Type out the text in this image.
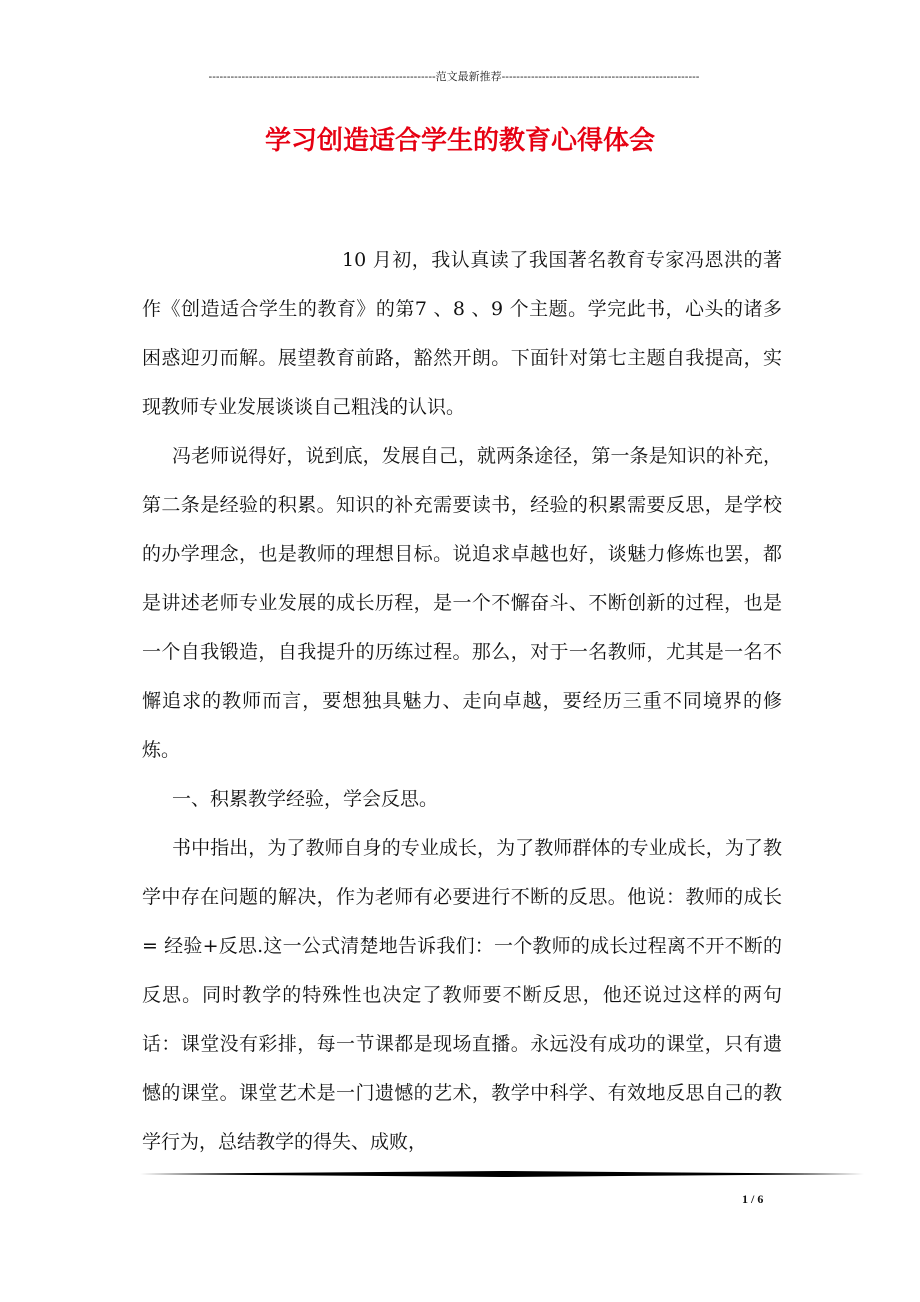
--------------------------------------------------------------范文最新推荐------------------------------------------------------
学习创造适合学生的教育心得体会

10 月初，我认真读了我国著名教育专家冯恩洪的著作《创造适合学生的教育》的第7 、8 、9 个主题。学完此书，心头的诸多困惑迎刃而解。展望教育前路，豁然开朗。下面针对第七主题自我提高，实现教师专业发展谈谈自己粗浅的认识。

冯老师说得好，说到底，发展自己，就两条途径，第一条是知识的补充，第二条是经验的积累。知识的补充需要读书，经验的积累需要反思，是学校的办学理念，也是教师的理想目标。说追求卓越也好，谈魅力修炼也罢，都是讲述老师专业发展的成长历程，是一个不懈奋斗、不断创新的过程，也是一个自我锻造，自我提升的历练过程。那么，对于一名教师，尤其是一名不懈追求的教师而言，要想独具魅力、走向卓越，要经历三重不同境界的修炼。

一、积累教学经验，学会反思。

书中指出，为了教师自身的专业成长，为了教师群体的专业成长，为了教学中存在问题的解决，作为老师有必要进行不断的反思。他说：教师的成长= 经验+反思.这一公式清楚地告诉我们：一个教师的成长过程离不开不断的反思。同时教学的特殊性也决定了教师要不断反思，他还说过这样的两句话：课堂没有彩排，每一节课都是现场直播。永远没有成功的课堂，只有遗憾的课堂。课堂艺术是一门遗憾的艺术，教学中科学、有效地反思自己的教学行为，总结教学的得失、成败，

1 / 6
